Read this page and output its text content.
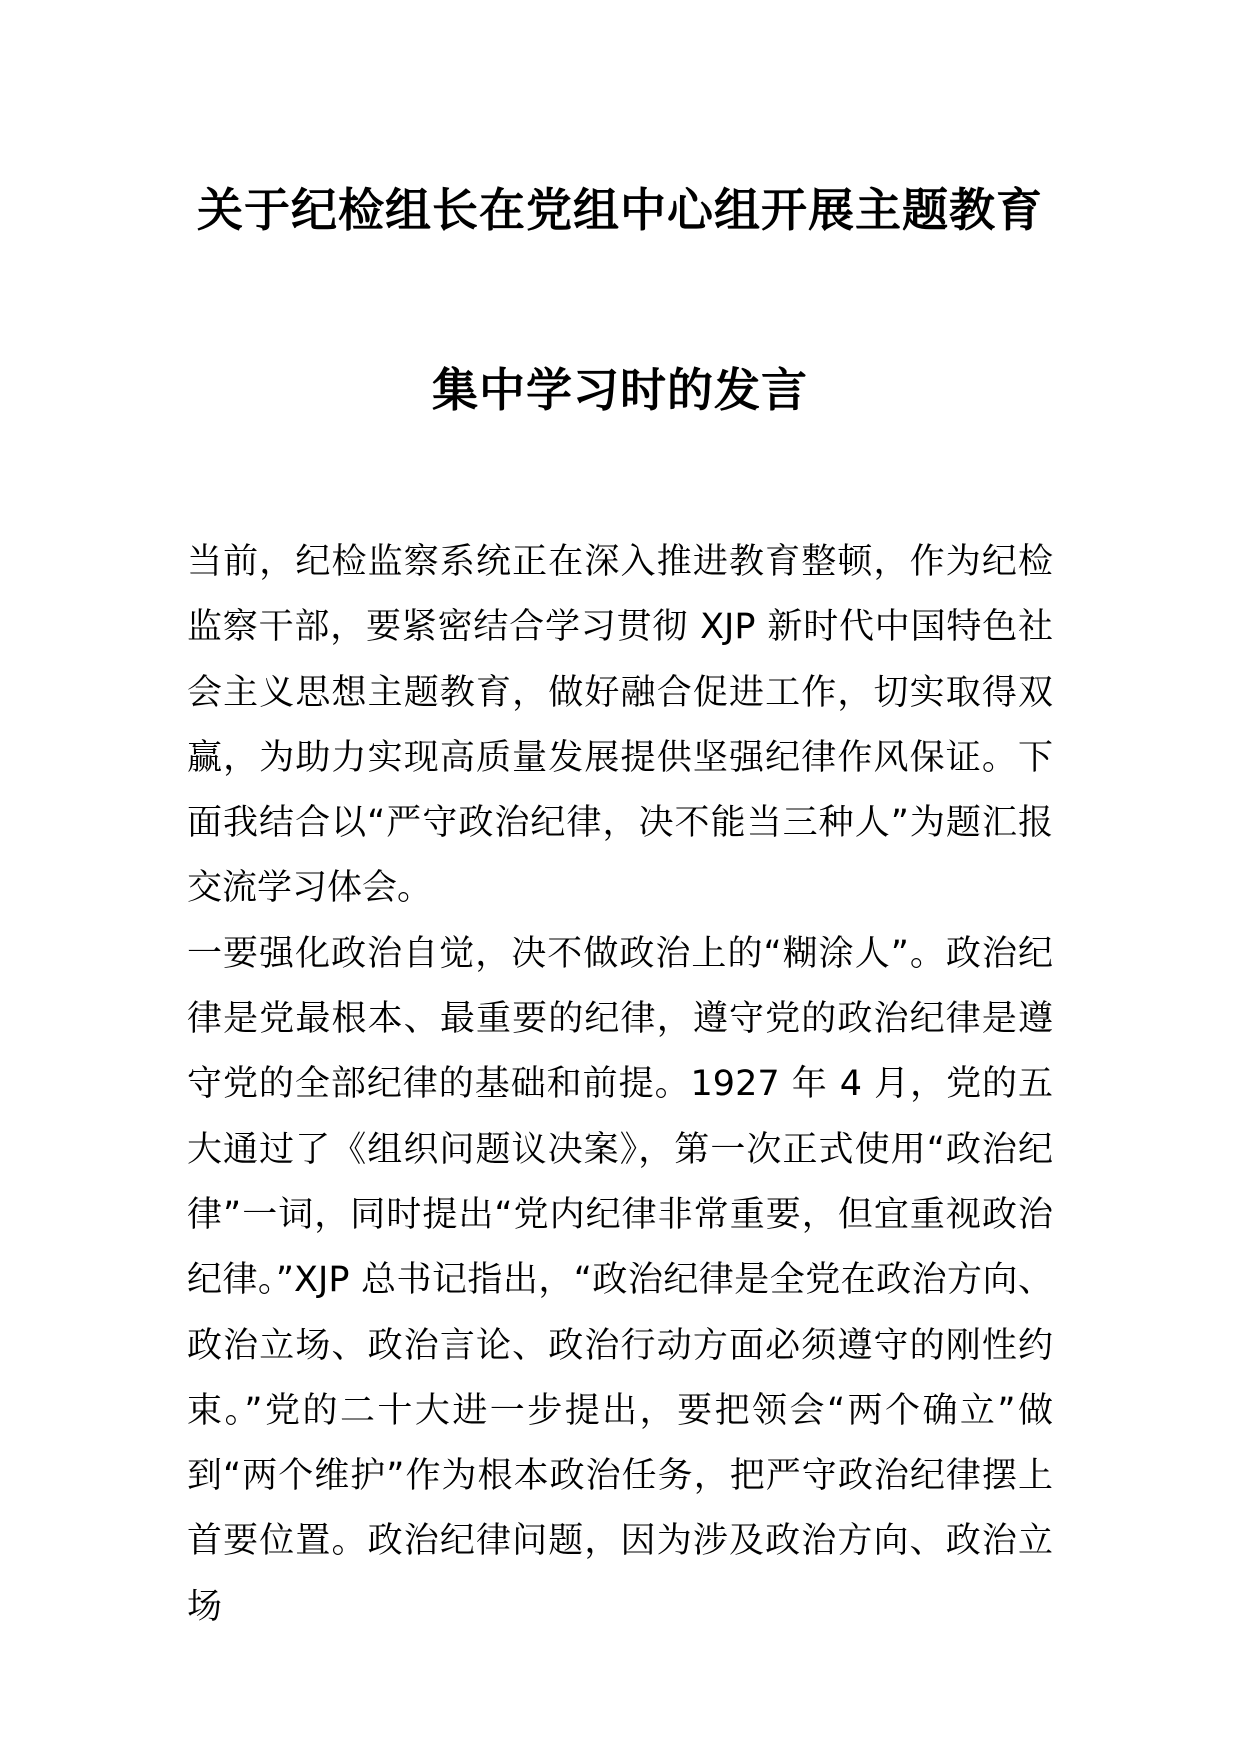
关于纪检组长在党组中心组开展主题教育
集中学习时的发言

当前，纪检监察系统正在深入推进教育整顿，作为纪检监察干部，要紧密结合学习贯彻 XJP 新时代中国特色社会主义思想主题教育，做好融合促进工作，切实取得双赢，为助力实现高质量发展提供坚强纪律作风保证。下面我结合以“严守政治纪律，决不能当三种人”为题汇报交流学习体会。

一要强化政治自觉，决不做政治上的“糊涂人”。政治纪律是党最根本、最重要的纪律，遵守党的政治纪律是遵守党的全部纪律的基础和前提。1927 年 4 月，党的五大通过了《组织问题议决案》，第一次正式使用“政治纪律”一词，同时提出“党内纪律非常重要，但宜重视政治纪律。”XJP 总书记指出，“政治纪律是全党在政治方向、政治立场、政治言论、政治行动方面必须遵守的刚性约束。”党的二十大进一步提出，要把领会“两个确立”做到“两个维护”作为根本政治任务，把严守政治纪律摆上首要位置。政治纪律问题，因为涉及政治方向、政治立场
